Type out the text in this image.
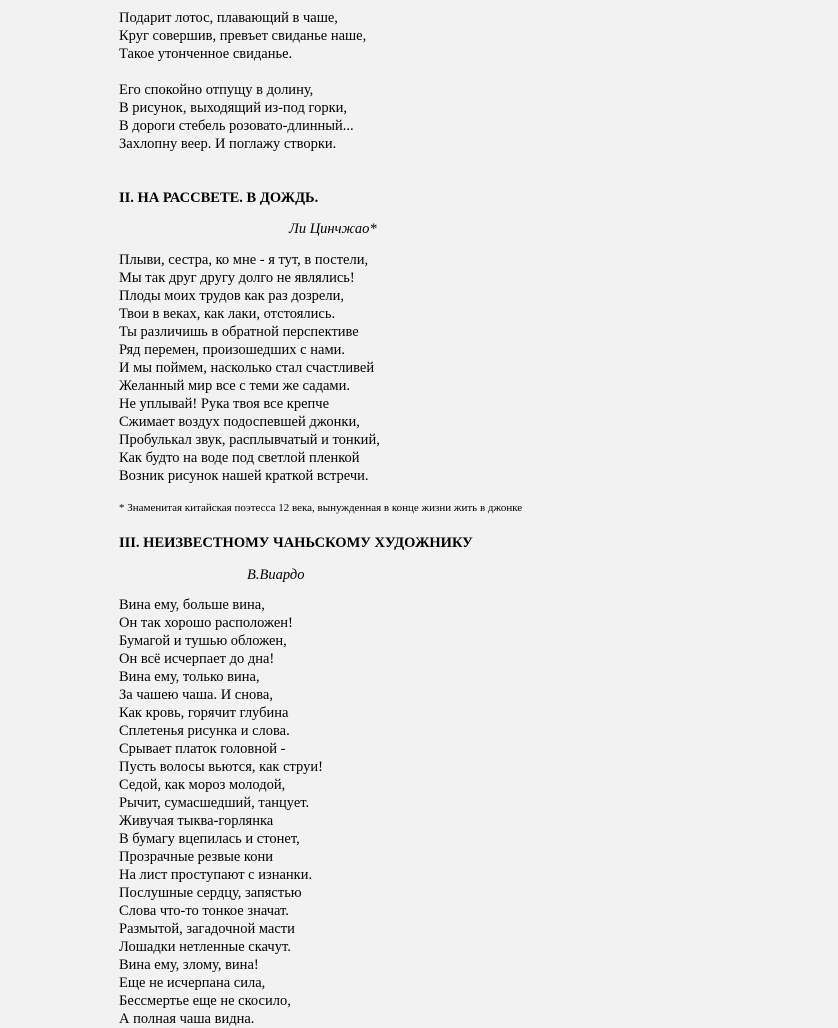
Подарит лотос, плавающий в чаше,
Круг совершив, превъет свиданье наше,
Такое утонченное свиданье.
Его спокойно отпущу в долину,
В рисунок, выходящий из-под горки,
В дороги стебель розовато-длинный...
Захлопну веер. И поглажу створки.
II. НА РАССВЕТЕ. В ДОЖДЬ.

Ли Цинчжао*

Плыви, сестра, ко мне - я тут, в постели,
Мы так друг другу долго не являлись!
Плоды моих трудов как раз дозрели,
Твои в веках, как лаки, отстоялись.
Ты различишь в обратной перспективе
Ряд перемен, произошедших с нами.
И мы поймем, насколько стал счастливей
Желанный мир все с теми же садами.
Не уплывай! Рука твоя все крепче
Сжимает воздух подоспевшей джонки,
Пробулькал звук, расплывчатый и тонкий,
Как будто на воде под светлой пленкой
Возник рисунок нашей краткой встречи.

* Знаменитая китайская поэтесса 12 века, вынужденная в конце жизни жить в джонке

III. НЕИЗВЕСТНОМУ ЧАНЬСКОМУ ХУДОЖНИКУ

В.Виардо

Вина ему, больше вина,
Он так хорошо расположен!
Бумагой и тушью обложен,
Он всё исчерпает до дна!
Вина ему, только вина,
За чашею чаша. И снова,
Как кровь, горячит глубина
Сплетенья рисунка и слова.
Срывает платок головной -
Пусть волосы вьются, как струи!
Седой, как мороз молодой,
Рычит, сумасшедший, танцует.
Живучая тыква-горлянка
В бумагу вцепилась и стонет,
Прозрачные резвые кони
На лист проступают с изнанки.
Послушные сердцу, запястью
Слова что-то тонкое значат.
Размытой, загадочной масти
Лошадки нетленные скачут.
Вина ему, злому, вина!
Еще не исчерпана сила,
Бессмертье еще не скосило,
А полная чаша видна.
